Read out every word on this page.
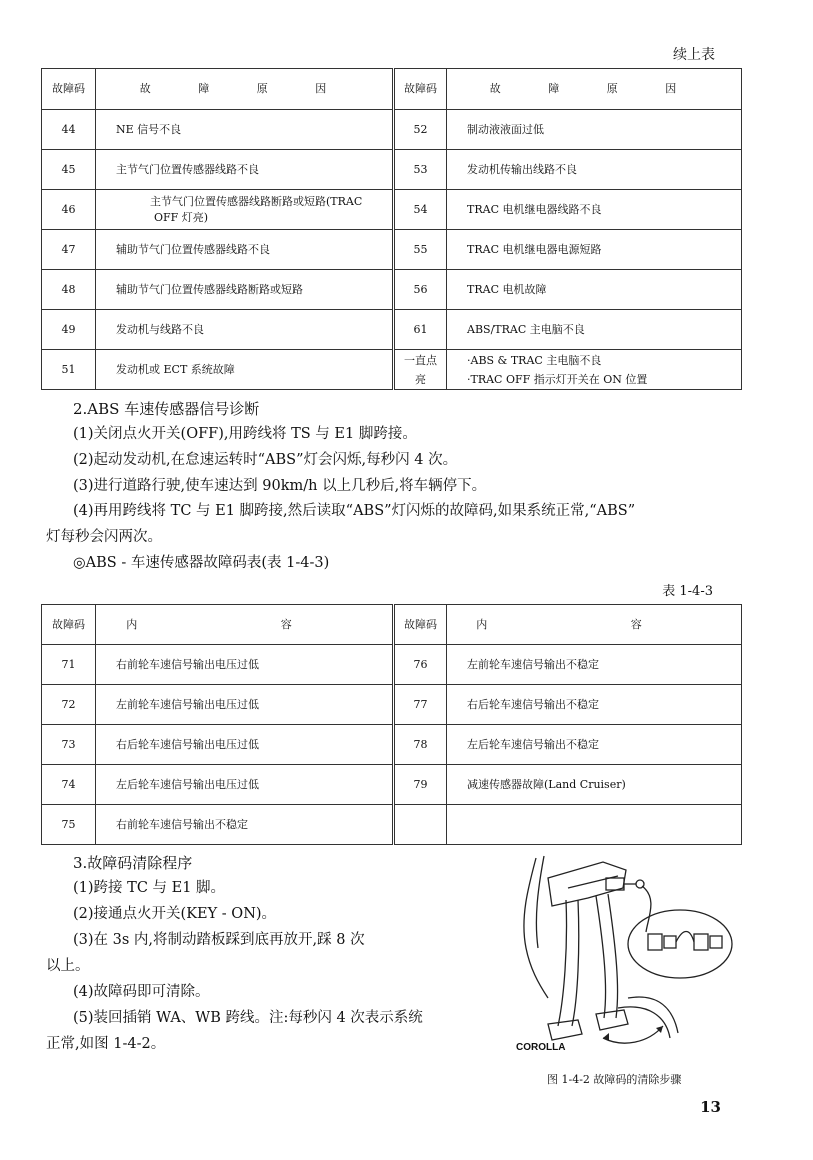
续上表
故障码	故 障 原 因	故障码	故 障 原 因
44	NE 信号不良	52	制动液液面过低
45	主节气门位置传感器线路不良	53	发动机传输出线路不良
46	主节气门位置传感器线路断路或短路(TRAC OFF 灯亮)	54	TRAC 电机继电器线路不良
47	辅助节气门位置传感器线路不良	55	TRAC 电机继电器电源短路
48	辅助节气门位置传感器线路断路或短路	56	TRAC 电机故障
49	发动机与线路不良	61	ABS/TRAC 主电脑不良
51	发动机或 ECT 系统故障	一直点亮	·ABS & TRAC 主电脑不良
·TRAC OFF 指示灯开关在 ON 位置
2.ABS 车速传感器信号诊断
(1)关闭点火开关(OFF),用跨线将 TS 与 E1 脚跨接。
(2)起动发动机,在怠速运转时“ABS”灯会闪烁,每秒闪 4 次。
(3)进行道路行驶,使车速达到 90km/h 以上几秒后,将车辆停下。
(4)再用跨线将 TC 与 E1 脚跨接,然后读取“ABS”灯闪烁的故障码,如果系统正常,“ABS”
灯每秒会闪两次。
◎ABS - 车速传感器故障码表(表 1-4-3)
表 1-4-3
故障码	内 容	故障码	内 容
71	右前轮车速信号输出电压过低	76	左前轮车速信号输出不稳定
72	左前轮车速信号输出电压过低	77	右后轮车速信号输出不稳定
73	右后轮车速信号输出电压过低	78	左后轮车速信号输出不稳定
74	左后轮车速信号输出电压过低	79	减速传感器故障(Land Cruiser)
75	右前轮车速信号输出不稳定		
3.故障码清除程序
(1)跨接 TC 与 E1 脚。
(2)接通点火开关(KEY - ON)。
(3)在 3s 内,将制动踏板踩到底再放开,踩 8 次
以上。
(4)故障码即可清除。
(5)装回插销 WA、WB 跨线。注:每秒闪 4 次表示系统
正常,如图 1-4-2。	COROLLA
图 1-4-2 故障码的清除步骤
13
